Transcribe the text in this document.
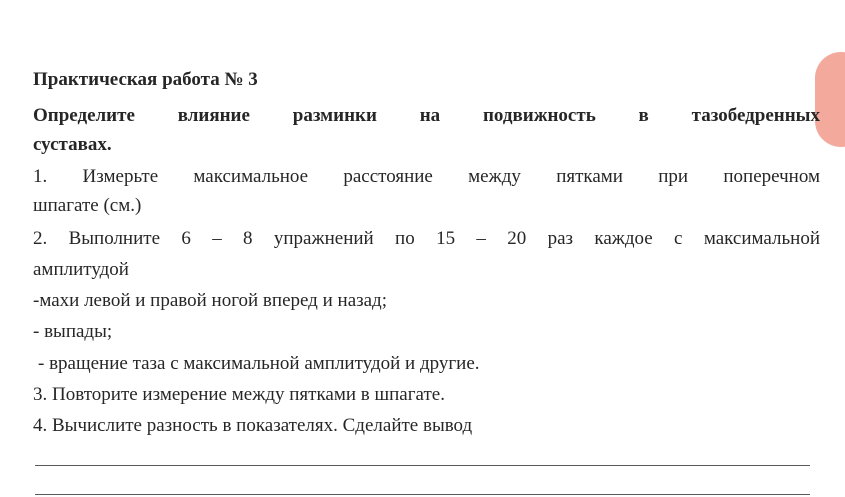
Практическая работа № 3
Определите влияние разминки на подвижность в тазобедренных
суставах.
1. Измерьте максимальное расстояние между пятками при поперечном
шпагате (см.)
2. Выполните 6 – 8 упражнений по 15 – 20 раз каждое с максимальной
амплитудой
-махи левой и правой ногой вперед и назад;
- выпады;
- вращение таза с максимальной амплитудой и другие.
3. Повторите измерение между пятками в шпагате.
4. Вычислите разность в показателях. Сделайте вывод
